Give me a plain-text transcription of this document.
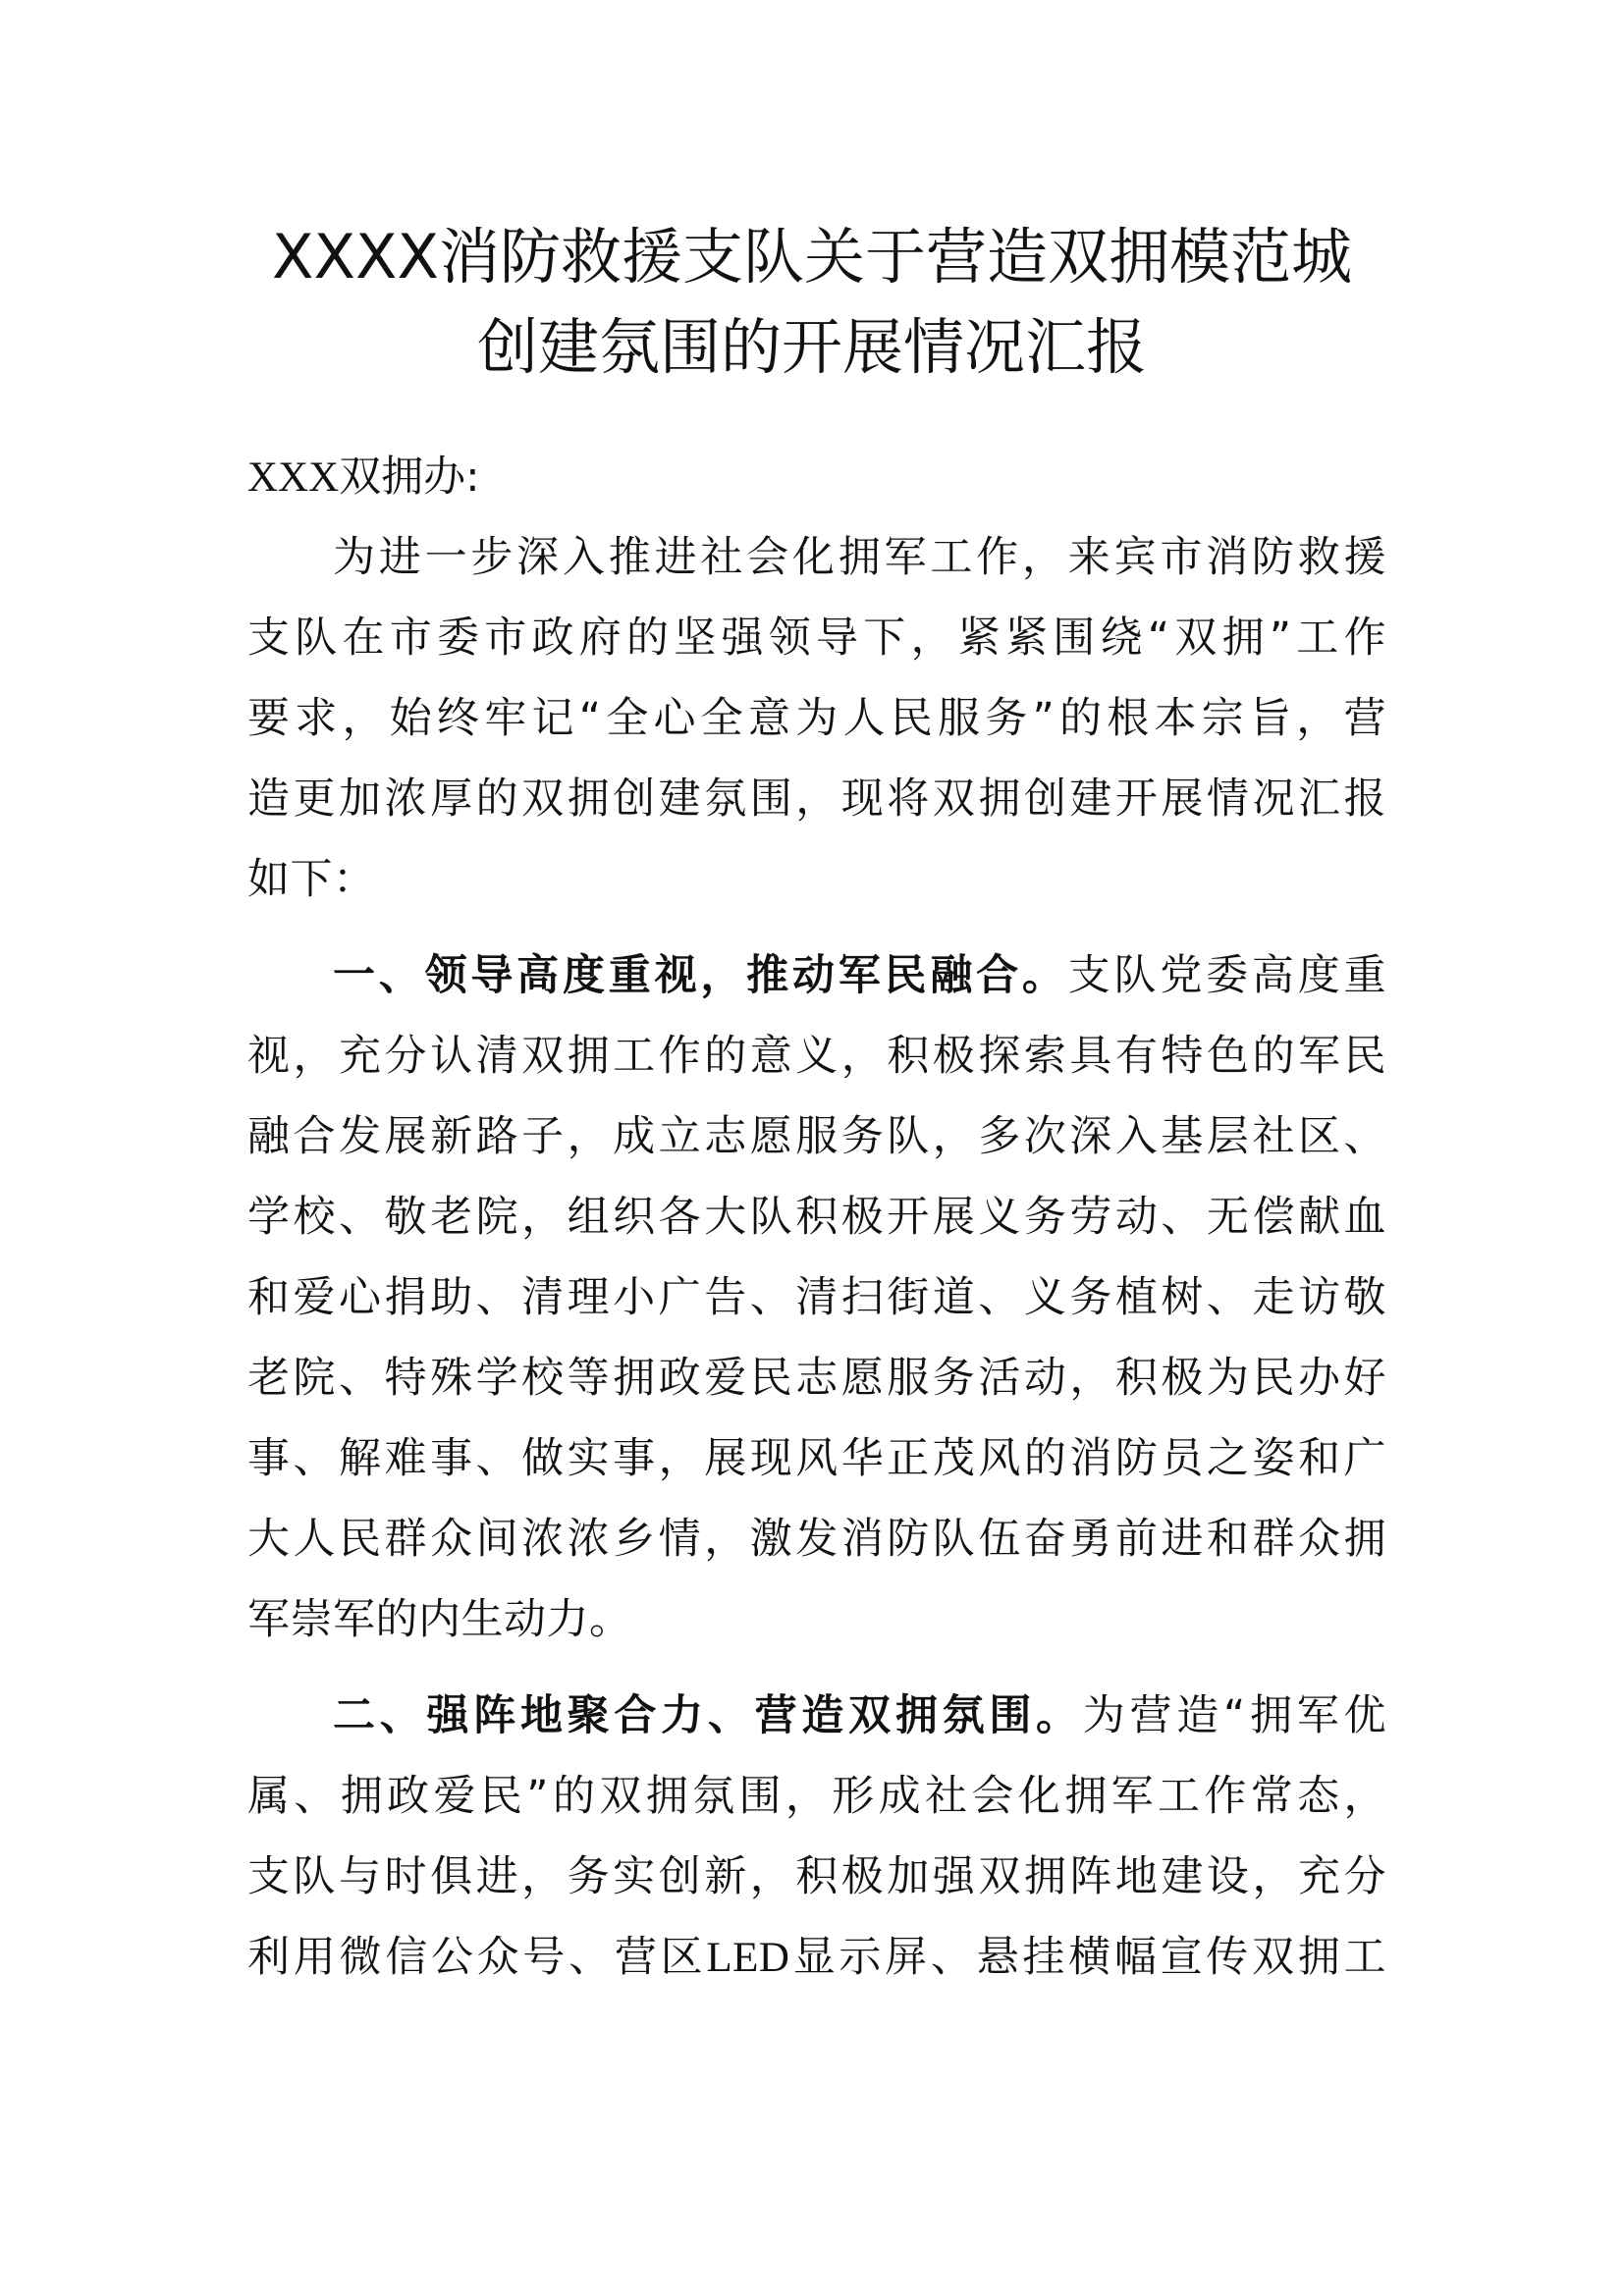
XXXX消防救援支队关于营造双拥模范城
创建氛围的开展情况汇报
XXX双拥办:
为进一步深入推进社会化拥军工作，来宾市消防救援
支队在市委市政府的坚强领导下，紧紧围绕“双拥”工作
要求，始终牢记“全心全意为人民服务”的根本宗旨，营
造更加浓厚的双拥创建氛围，现将双拥创建开展情况汇报
如下：
一、领导高度重视，推动军民融合。支队党委高度重
视，充分认清双拥工作的意义，积极探索具有特色的军民
融合发展新路子，成立志愿服务队，多次深入基层社区、
学校、敬老院，组织各大队积极开展义务劳动、无偿献血
和爱心捐助、清理小广告、清扫街道、义务植树、走访敬
老院、特殊学校等拥政爱民志愿服务活动，积极为民办好
事、解难事、做实事，展现风华正茂风的消防员之姿和广
大人民群众间浓浓乡情，激发消防队伍奋勇前进和群众拥
军崇军的内生动力。
二、强阵地聚合力、营造双拥氛围。为营造“拥军优
属、拥政爱民”的双拥氛围，形成社会化拥军工作常态，
支队与时俱进，务实创新，积极加强双拥阵地建设，充分
利用微信公众号、营区LED显示屏、悬挂横幅宣传双拥工
